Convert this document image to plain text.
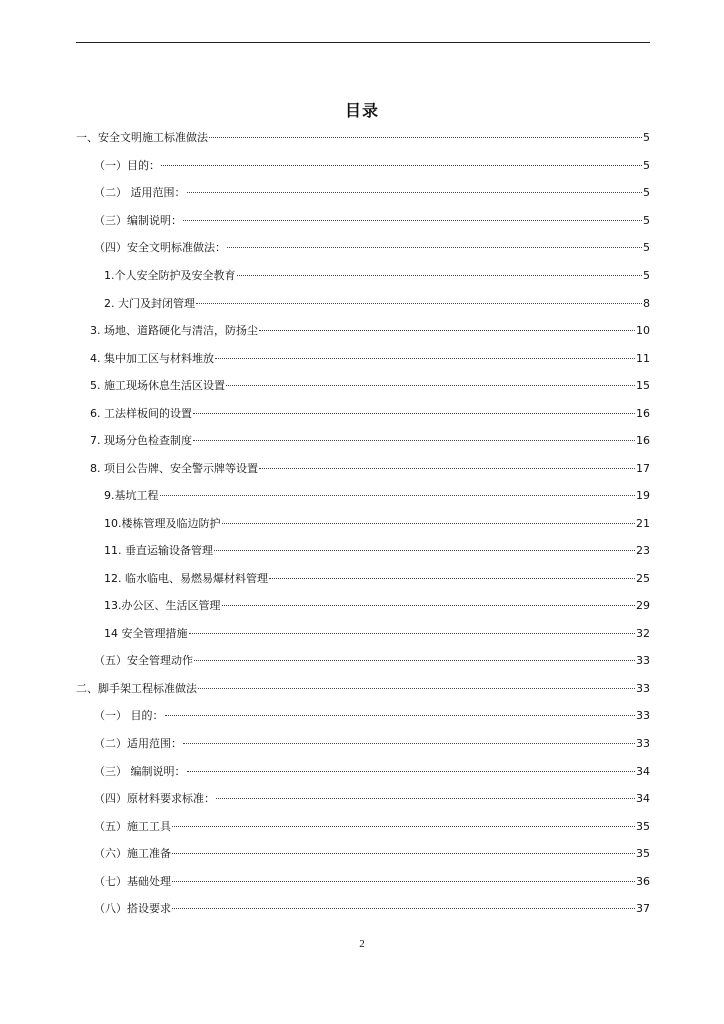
目录
一、安全文明施工标准做法	5
（一）目的：	5
（二） 适用范围：	5
（三）编制说明：	5
（四）安全文明标准做法：	5
1.个人安全防护及安全教育	5
2. 大门及封闭管理	8
3. 场地、道路硬化与清洁，防扬尘	10
4. 集中加工区与材料堆放	11
5. 施工现场休息生活区设置	15
6. 工法样板间的设置	16
7. 现场分色检查制度	16
8. 项目公告牌、安全警示牌等设置	17
9.基坑工程	19
10.楼栋管理及临边防护	21
11. 垂直运输设备管理	23
12. 临水临电、易燃易爆材料管理	25
13.办公区、生活区管理	29
14 安全管理措施	32
（五）安全管理动作	33
二、脚手架工程标准做法	33
（一） 目的：	33
（二）适用范围：	33
（三） 编制说明：	34
（四）原材料要求标准：	34
（五）施工工具	35
（六）施工准备	35
（七）基础处理	36
（八）搭设要求	37
2
